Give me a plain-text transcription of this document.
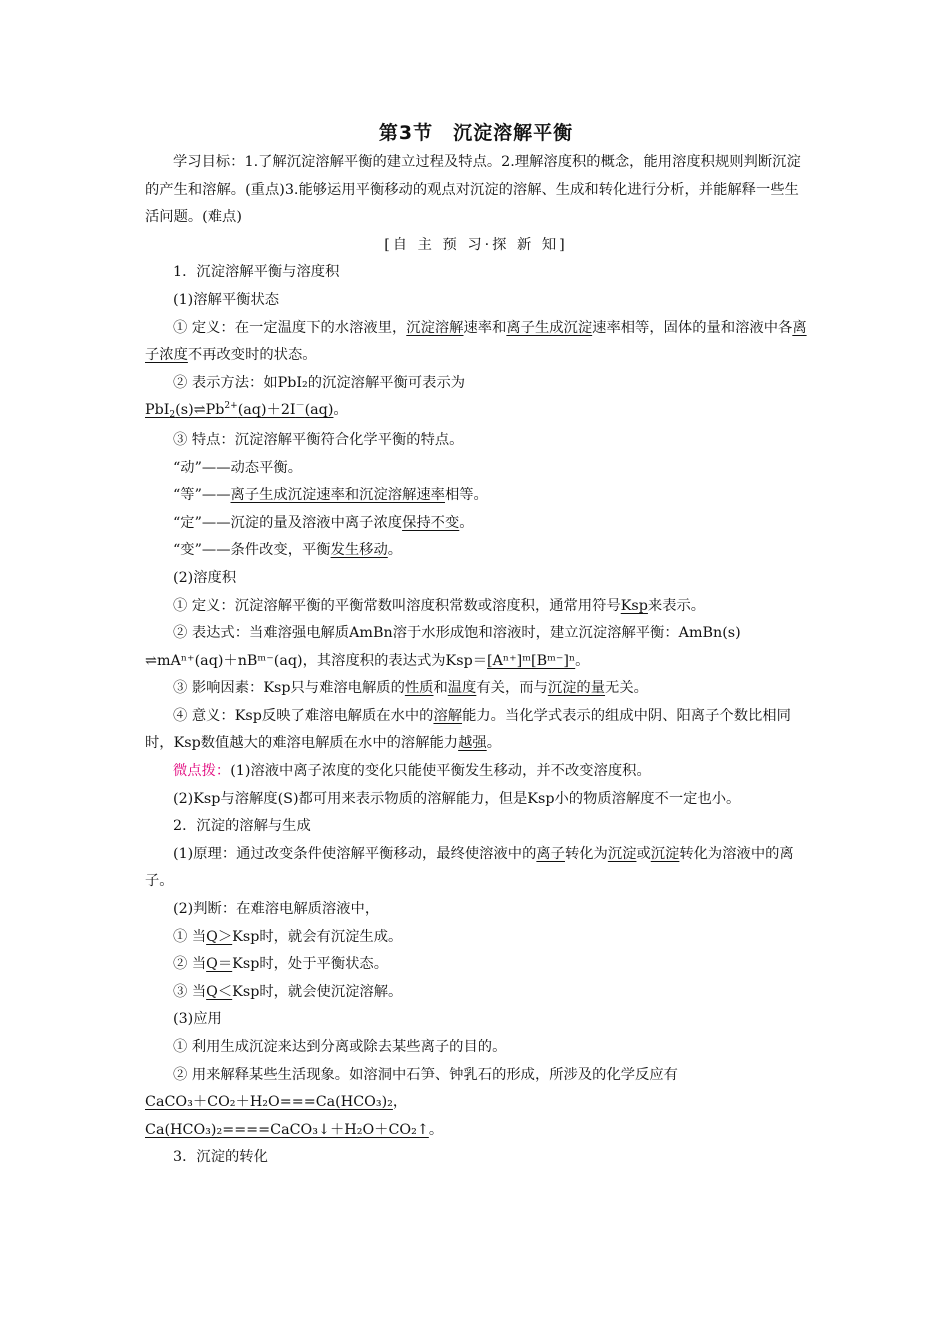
第3节　沉淀溶解平衡

学习目标：1.了解沉淀溶解平衡的建立过程及特点。2.理解溶度积的概念，能用溶度积规则判断沉淀的产生和溶解。(重点)3.能够运用平衡移动的观点对沉淀的溶解、生成和转化进行分析，并能解释一些生活问题。(难点)

[自 主 预 习·探 新 知]

1．沉淀溶解平衡与溶度积

(1)溶解平衡状态

① 定义：在一定温度下的水溶液里，沉淀溶解速率和离子生成沉淀速率相等，固体的量和溶液中各离子浓度不再改变时的状态。

② 表示方法：如PbI₂的沉淀溶解平衡可表示为

$PbI_2(s)\rightleftharpoons Pb^{2+}(aq)+2I^-(aq)$。

③ 特点：沉淀溶解平衡符合化学平衡的特点。

“动”——动态平衡。

“等”——离子生成沉淀速率和沉淀溶解速率相等。

“定”——沉淀的量及溶液中离子浓度保持不变。

“变”——条件改变，平衡发生移动。

(2)溶度积

① 定义：沉淀溶解平衡的平衡常数叫溶度积常数或溶度积，通常用符号Ksp来表示。

② 表达式：当难溶强电解质AmBn溶于水形成饱和溶液时，建立沉淀溶解平衡：AmBn(s)

⇌mAⁿ⁺(aq)＋nBᵐ⁻(aq)，其溶度积的表达式为Ksp＝[Aⁿ⁺]ᵐ[Bᵐ⁻]ⁿ。

③ 影响因素：Ksp只与难溶电解质的性质和温度有关，而与沉淀的量无关。

④ 意义：Ksp反映了难溶电解质在水中的溶解能力。当化学式表示的组成中阴、阳离子个数比相同时，Ksp数值越大的难溶电解质在水中的溶解能力越强。

微点拨：(1)溶液中离子浓度的变化只能使平衡发生移动，并不改变溶度积。

(2)Ksp与溶解度(S)都可用来表示物质的溶解能力，但是Ksp小的物质溶解度不一定也小。

2．沉淀的溶解与生成

(1)原理：通过改变条件使溶解平衡移动，最终使溶液中的离子转化为沉淀或沉淀转化为溶液中的离子。

(2)判断：在难溶电解质溶液中，

① 当Q＞Ksp时，就会有沉淀生成。

② 当Q＝Ksp时，处于平衡状态。

③ 当Q＜Ksp时，就会使沉淀溶解。

(3)应用

① 利用生成沉淀来达到分离或除去某些离子的目的。

② 用来解释某些生活现象。如溶洞中石笋、钟乳石的形成，所涉及的化学反应有

CaCO₃＋CO₂＋H₂O===Ca(HCO₃)₂，

Ca(HCO₃)₂====CaCO₃↓＋H₂O＋CO₂↑。

3．沉淀的转化
